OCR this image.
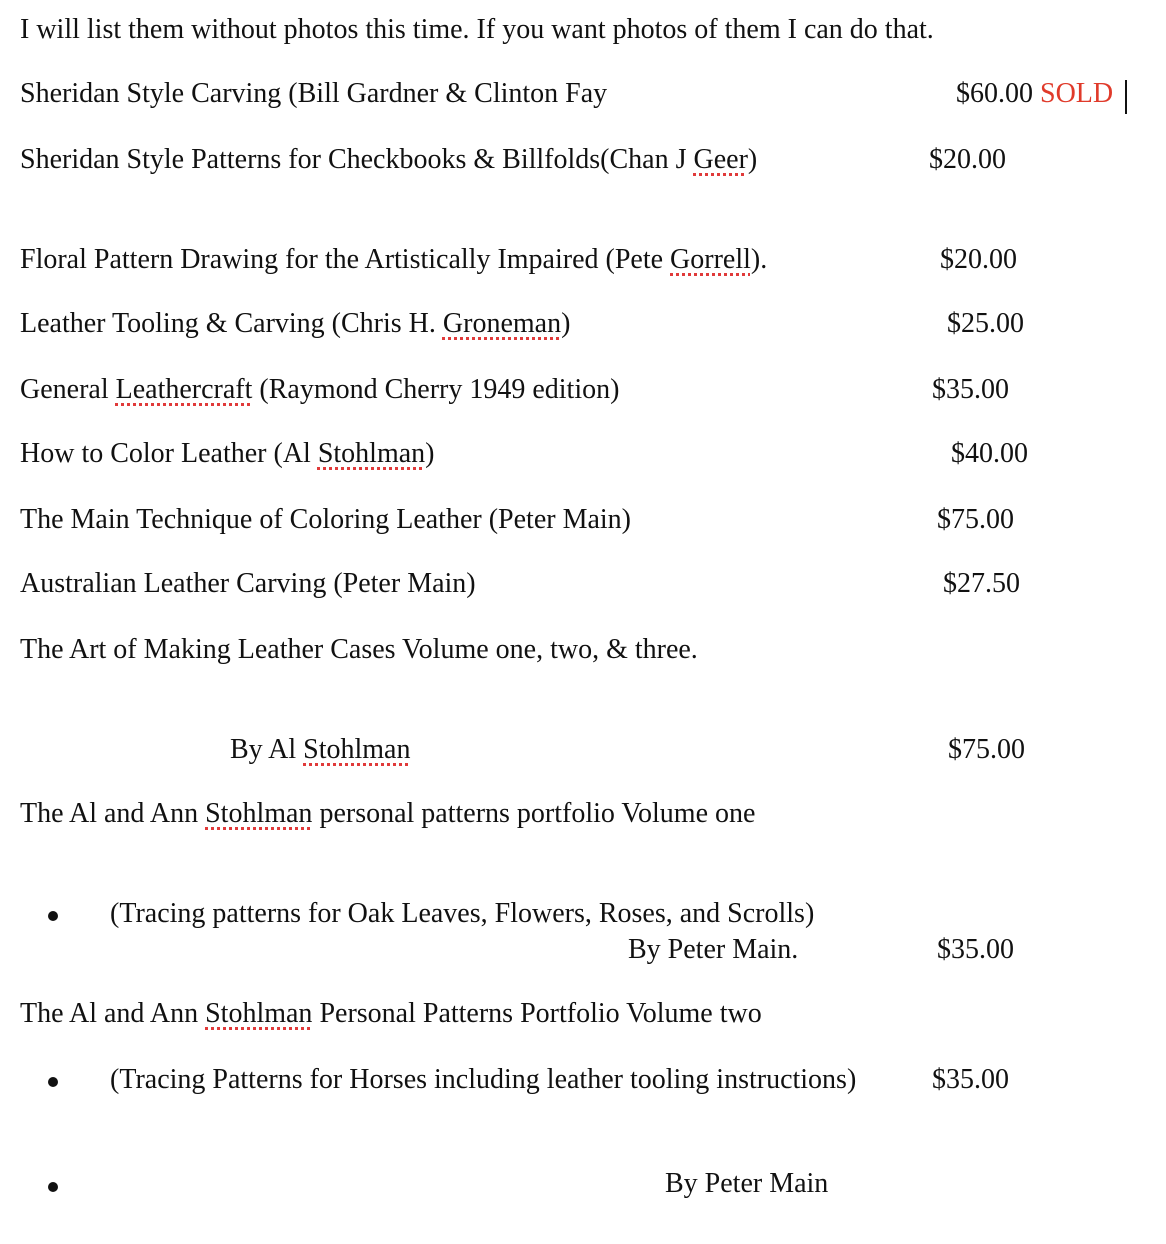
I will list them without photos this time. If you want photos of them I can do that.
Sheridan Style Carving (Bill Gardner & Clinton Fay	$60.00 SOLD
Sheridan Style Patterns for Checkbooks & Billfolds(Chan J Geer)	$20.00
Floral Pattern Drawing for the Artistically Impaired (Pete Gorrell).	$20.00
Leather Tooling & Carving (Chris H. Groneman)	$25.00
General Leathercraft (Raymond Cherry 1949 edition)	$35.00
How to Color Leather (Al Stohlman)	$40.00
The Main Technique of Coloring Leather (Peter Main)	$75.00
Australian Leather Carving (Peter Main)	$27.50
The Art of Making Leather Cases Volume one, two, & three.
By Al Stohlman	$75.00
The Al and Ann Stohlman personal patterns portfolio Volume one
(Tracing patterns for Oak Leaves, Flowers, Roses, and Scrolls)
By Peter Main.	$35.00
The Al and Ann Stohlman Personal Patterns Portfolio Volume two
(Tracing Patterns for Horses including leather tooling instructions)	$35.00
By Peter Main
